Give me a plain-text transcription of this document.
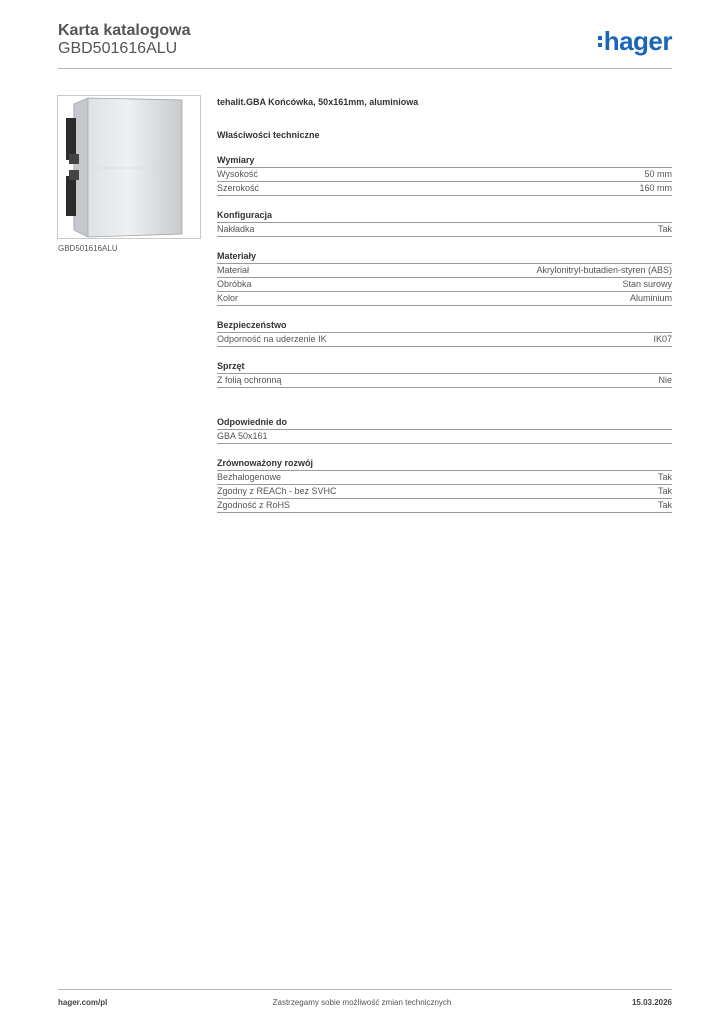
Karta katalogowa
GBD501616ALU	hager
GBD501616ALU
tehalit.GBA Końcówka, 50x161mm, aluminiowa
Właściwości techniczne
Wymiary
Wysokość	50 mm
Szerokość	160 mm
Konfiguracja
Nakładka	Tak
Materiały
Materiał	Akrylonitryl-butadien-styren (ABS)
Obróbka	Stan surowy
Kolor	Aluminium
Bezpieczeństwo
Odporność na uderzenie IK	IK07
Sprzęt
Z folią ochronną	Nie
Odpowiednie do
GBA 50x161
Zrównoważony rozwój
Bezhalogenowe	Tak
Zgodny z REACh - bez SVHC	Tak
Zgodność z RoHS	Tak
hager.com/pl	Zastrzegamy sobie możliwość zmian technicznych	15.03.2026
